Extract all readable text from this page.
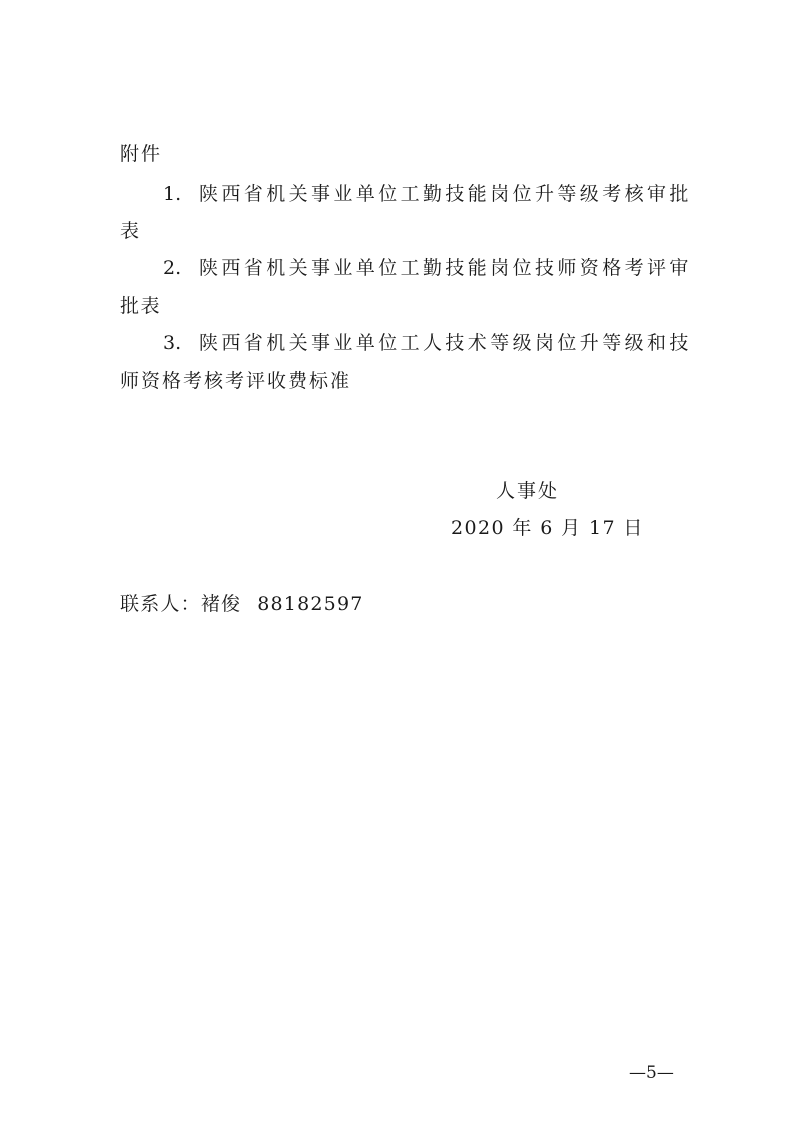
附件
1. 陕西省机关事业单位工勤技能岗位升等级考核审批
表
2. 陕西省机关事业单位工勤技能岗位技师资格考评审
批表
3. 陕西省机关事业单位工人技术等级岗位升等级和技
师资格考核考评收费标准
人事处
2020 年 6 月 17 日
联系人：褚俊 88182597
—5—
